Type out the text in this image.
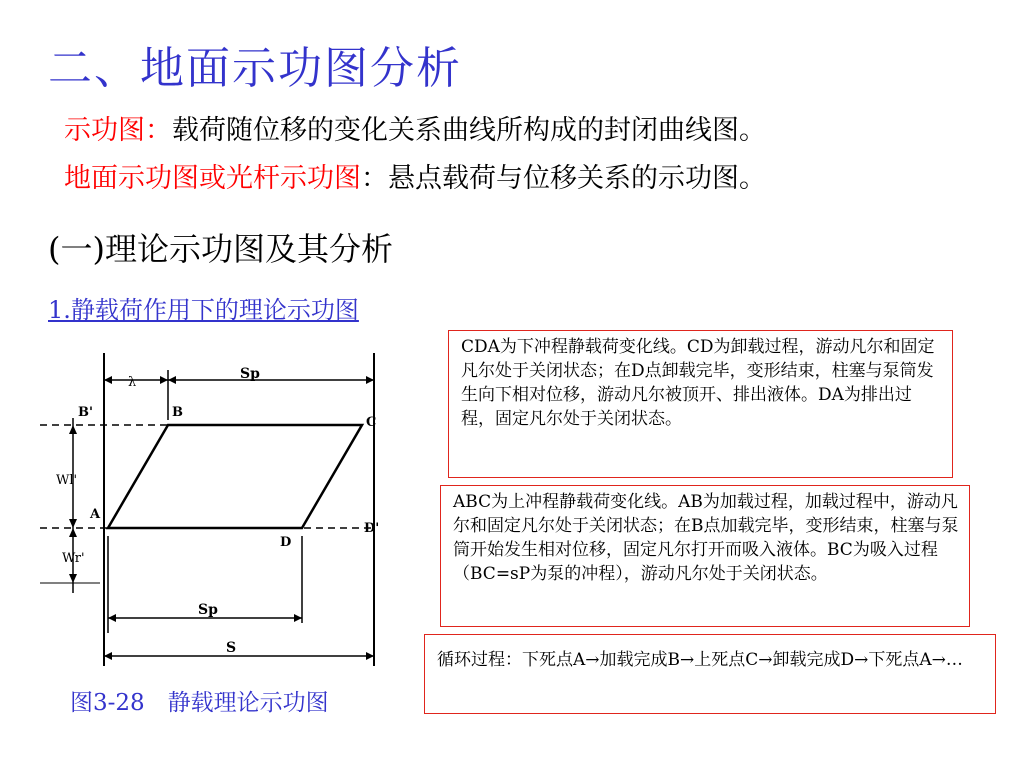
二、地面示功图分析
示功图：载荷随位移的变化关系曲线所构成的封闭曲线图。
地面示功图或光杆示功图：悬点载荷与位移关系的示功图。
(一)理论示功图及其分析
1.静载荷作用下的理论示功图
λ
Sp
Wl'
Wr'
B'	B
C
A
D
D'
Sp
S
图3-28　静载理论示功图
CDA为下冲程静载荷变化线。CD为卸载过程，游动凡尔和固定凡尔处于关闭状态；在D点卸载完毕，变形结束，柱塞与泵筒发生向下相对位移，游动凡尔被顶开、排出液体。DA为排出过程，固定凡尔处于关闭状态。
ABC为上冲程静载荷变化线。AB为加载过程，加载过程中，游动凡尔和固定凡尔处于关闭状态；在B点加载完毕，变形结束，柱塞与泵筒开始发生相对位移，固定凡尔打开而吸入液体。BC为吸入过程（BC=sP为泵的冲程），游动凡尔处于关闭状态。
循环过程：下死点A→加载完成B→上死点C→卸载完成D→下死点A→…
